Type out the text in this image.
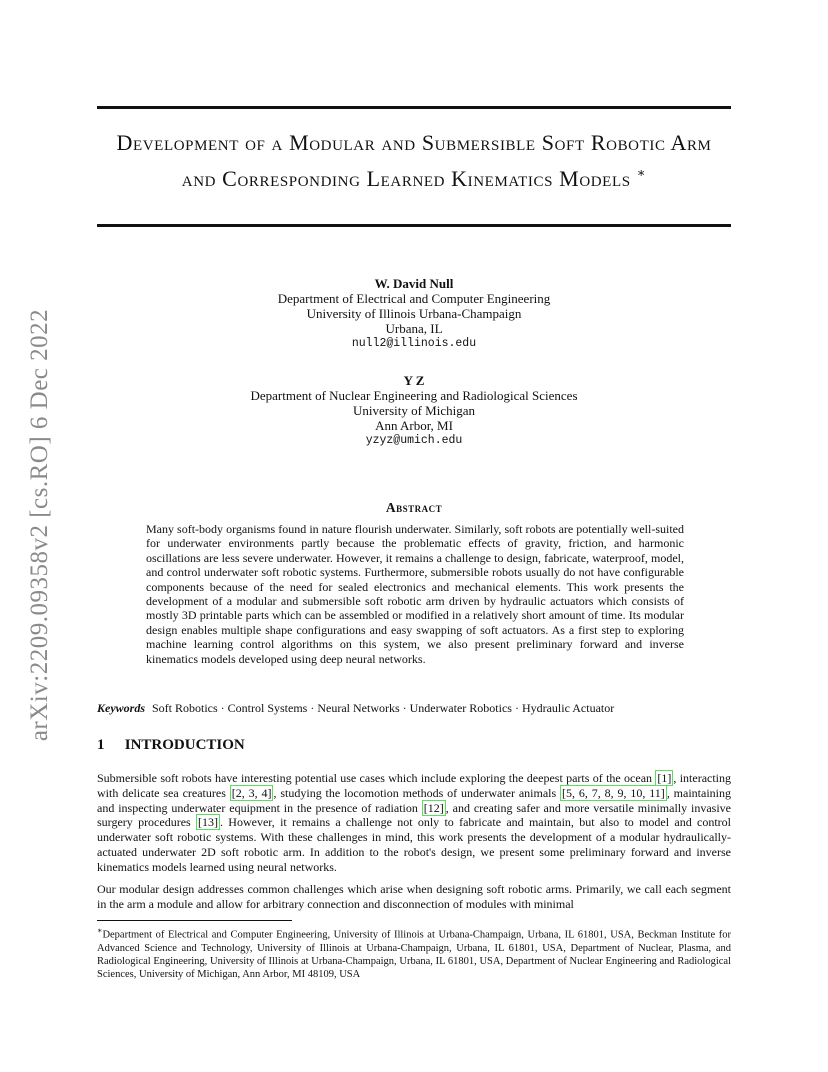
arXiv:2209.09358v2 [cs.RO] 6 Dec 2022
Development of a Modular and Submersible Soft Robotic Arm and Corresponding Learned Kinematics Models ∗
W. David Null
Department of Electrical and Computer Engineering
University of Illinois Urbana-Champaign
Urbana, IL
null2@illinois.edu
Y Z
Department of Nuclear Engineering and Radiological Sciences
University of Michigan
Ann Arbor, MI
yzyz@umich.edu
Abstract
Many soft-body organisms found in nature flourish underwater. Similarly, soft robots are potentially well-suited for underwater environments partly because the problematic effects of gravity, friction, and harmonic oscillations are less severe underwater. However, it remains a challenge to design, fabricate, waterproof, model, and control underwater soft robotic systems. Furthermore, submersible robots usually do not have configurable components because of the need for sealed electronics and mechanical elements. This work presents the development of a modular and submersible soft robotic arm driven by hydraulic actuators which consists of mostly 3D printable parts which can be assembled or modified in a relatively short amount of time. Its modular design enables multiple shape configurations and easy swapping of soft actuators. As a first step to exploring machine learning control algorithms on this system, we also present preliminary forward and inverse kinematics models developed using deep neural networks.
Keywords Soft Robotics · Control Systems · Neural Networks · Underwater Robotics · Hydraulic Actuator
1 INTRODUCTION
Submersible soft robots have interesting potential use cases which include exploring the deepest parts of the ocean [1] , interacting with delicate sea creatures [2, 3, 4] , studying the locomotion methods of underwater animals [5, 6, 7, 8, 9, 10, 11] , maintaining and inspecting underwater equipment in the presence of radiation [12] , and creating safer and more versatile minimally invasive surgery procedures [13] . However, it remains a challenge not only to fabricate and maintain, but also to model and control underwater soft robotic systems. With these challenges in mind, this work presents the development of a modular hydraulically-actuated underwater 2D soft robotic arm. In addition to the robot's design, we present some preliminary forward and inverse kinematics models learned using neural networks.
Our modular design addresses common challenges which arise when designing soft robotic arms. Primarily, we call each segment in the arm a module and allow for arbitrary connection and disconnection of modules with minimal
∗Department of Electrical and Computer Engineering, University of Illinois at Urbana-Champaign, Urbana, IL 61801, USA, Beckman Institute for Advanced Science and Technology, University of Illinois at Urbana-Champaign, Urbana, IL 61801, USA, Department of Nuclear, Plasma, and Radiological Engineering, University of Illinois at Urbana-Champaign, Urbana, IL 61801, USA, Department of Nuclear Engineering and Radiological Sciences, University of Michigan, Ann Arbor, MI 48109, USA
